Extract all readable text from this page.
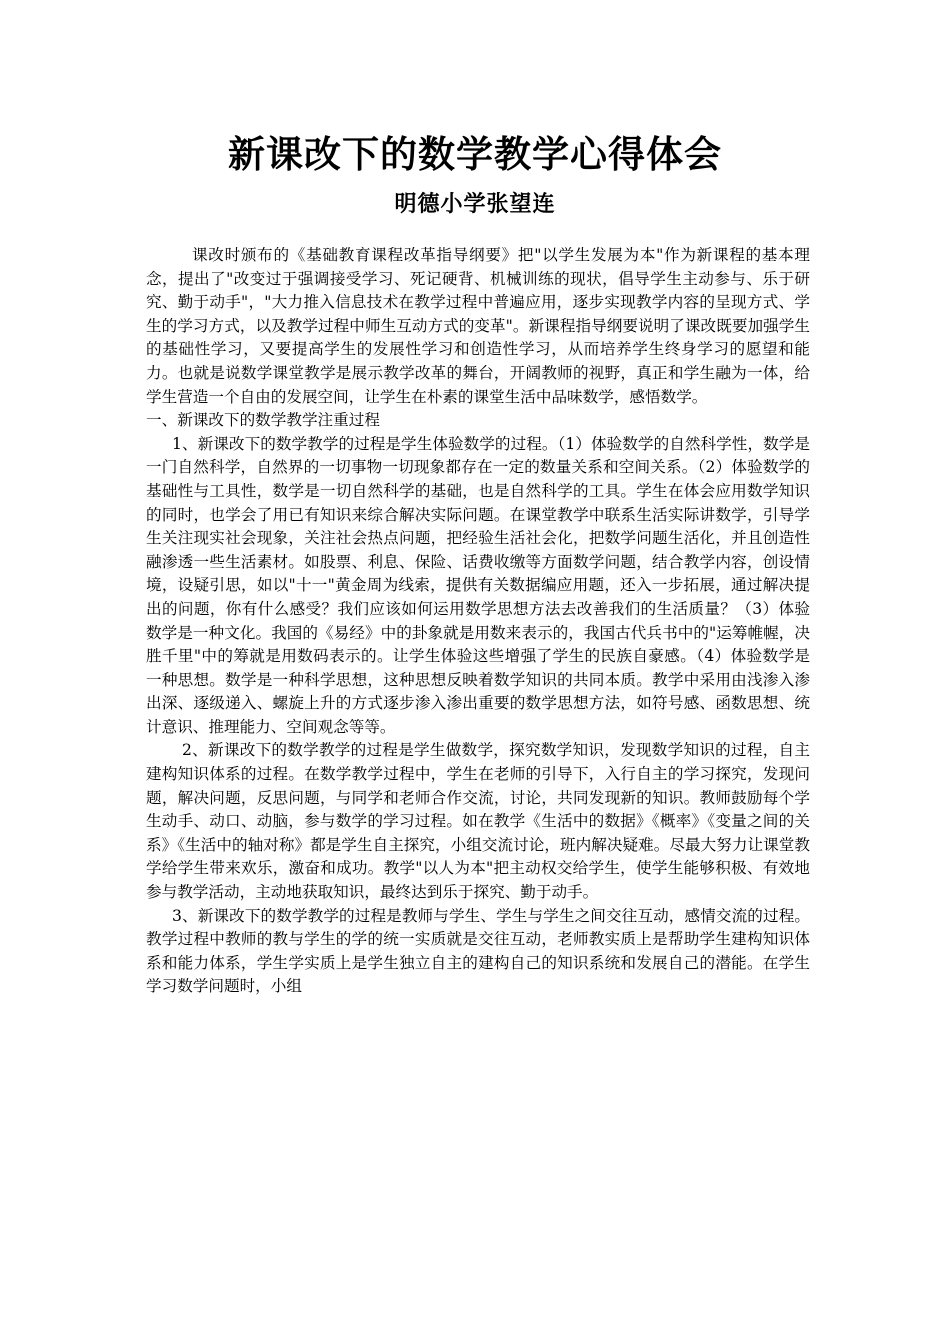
新课改下的数学教学心得体会
明德小学张望连

课改时颁布的《基础教育课程改革指导纲要》把"以学生发展为本"作为新课程的基本理念，提出了"改变过于强调接受学习、死记硬背、机械训练的现状，倡导学生主动参与、乐于研究、勤于动手"，"大力推入信息技术在教学过程中普遍应用，逐步实现教学内容的呈现方式、学生的学习方式，以及教学过程中师生互动方式的变革"。新课程指导纲要说明了课改既要加强学生的基础性学习，又要提高学生的发展性学习和创造性学习，从而培养学生终身学习的愿望和能力。也就是说数学课堂教学是展示教学改革的舞台，开阔教师的视野，真正和学生融为一体，给学生营造一个自由的发展空间，让学生在朴素的课堂生活中品味数学，感悟数学。

一、新课改下的数学教学注重过程

1、新课改下的数学教学的过程是学生体验数学的过程。（1）体验数学的自然科学性，数学是一门自然科学，自然界的一切事物一切现象都存在一定的数量关系和空间关系。（2）体验数学的基础性与工具性，数学是一切自然科学的基础，也是自然科学的工具。学生在体会应用数学知识的同时，也学会了用已有知识来综合解决实际问题。在课堂教学中联系生活实际讲数学，引导学生关注现实社会现象，关注社会热点问题，把经验生活社会化，把数学问题生活化，并且创造性融渗透一些生活素材。如股票、利息、保险、话费收缴等方面数学问题，结合教学内容，创设情境，设疑引思，如以"十一"黄金周为线索，提供有关数据编应用题，还入一步拓展，通过解决提出的问题，你有什么感受？我们应该如何运用数学思想方法去改善我们的生活质量？（3）体验数学是一种文化。我国的《易经》中的卦象就是用数来表示的，我国古代兵书中的"运筹帷幄，决胜千里"中的筹就是用数码表示的。让学生体验这些增强了学生的民族自豪感。（4）体验数学是一种思想。数学是一种科学思想，这种思想反映着数学知识的共同本质。教学中采用由浅渗入渗出深、逐级递入、螺旋上升的方式逐步渗入渗出重要的数学思想方法，如符号感、函数思想、统计意识、推理能力、空间观念等等。

2、新课改下的数学教学的过程是学生做数学，探究数学知识，发现数学知识的过程，自主建构知识体系的过程。在数学教学过程中，学生在老师的引导下，入行自主的学习探究，发现问题，解决问题，反思问题，与同学和老师合作交流，讨论，共同发现新的知识。教师鼓励每个学生动手、动口、动脑，参与数学的学习过程。如在教学《生活中的数据》《概率》《变量之间的关系》《生活中的轴对称》都是学生自主探究，小组交流讨论，班内解决疑难。尽最大努力让课堂教学给学生带来欢乐，激奋和成功。教学"以人为本"把主动权交给学生，使学生能够积极、有效地参与教学活动，主动地获取知识，最终达到乐于探究、勤于动手。

3、新课改下的数学教学的过程是教师与学生、学生与学生之间交往互动，感情交流的过程。教学过程中教师的教与学生的学的统一实质就是交往互动，老师教实质上是帮助学生建构知识体系和能力体系，学生学实质上是学生独立自主的建构自己的知识系统和发展自己的潜能。在学生学习数学问题时，小组
